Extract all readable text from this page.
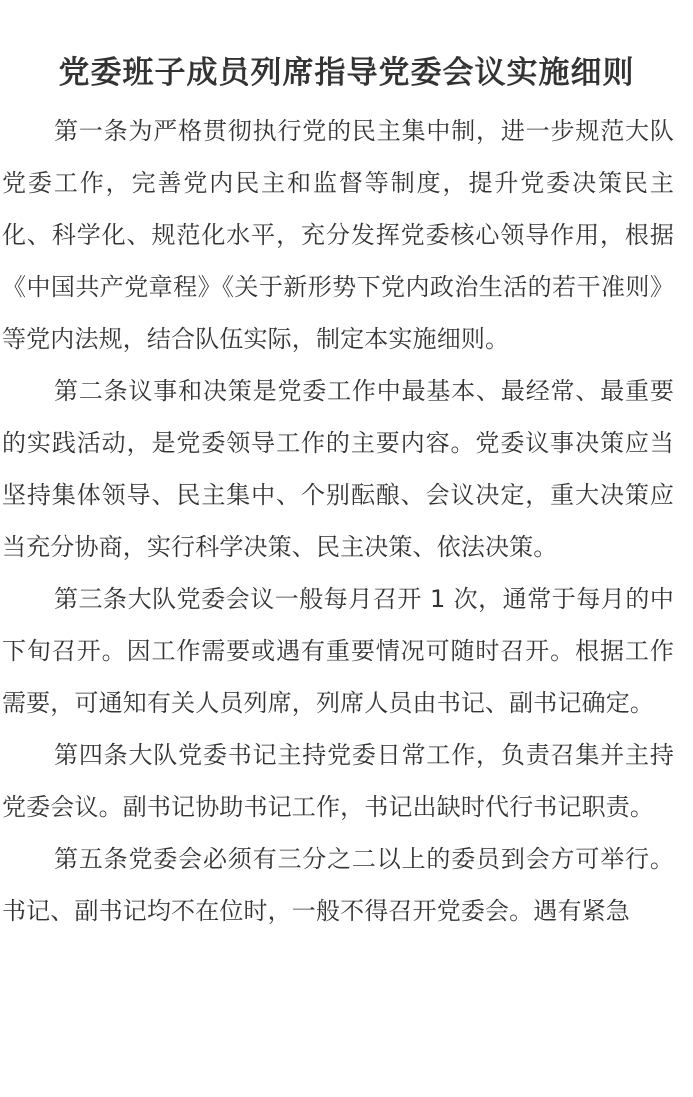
党委班子成员列席指导党委会议实施细则

第一条为严格贯彻执行党的民主集中制，进一步规范大队党委工作，完善党内民主和监督等制度，提升党委决策民主化、科学化、规范化水平，充分发挥党委核心领导作用，根据《中国共产党章程》《关于新形势下党内政治生活的若干准则》等党内法规，结合队伍实际，制定本实施细则。

第二条议事和决策是党委工作中最基本、最经常、最重要的实践活动，是党委领导工作的主要内容。党委议事决策应当坚持集体领导、民主集中、个别酝酿、会议决定，重大决策应当充分协商，实行科学决策、民主决策、依法决策。

第三条大队党委会议一般每月召开 1 次，通常于每月的中下旬召开。因工作需要或遇有重要情况可随时召开。根据工作需要，可通知有关人员列席，列席人员由书记、副书记确定。

第四条大队党委书记主持党委日常工作，负责召集并主持党委会议。副书记协助书记工作，书记出缺时代行书记职责。

第五条党委会必须有三分之二以上的委员到会方可举行。书记、副书记均不在位时，一般不得召开党委会。遇有紧急
